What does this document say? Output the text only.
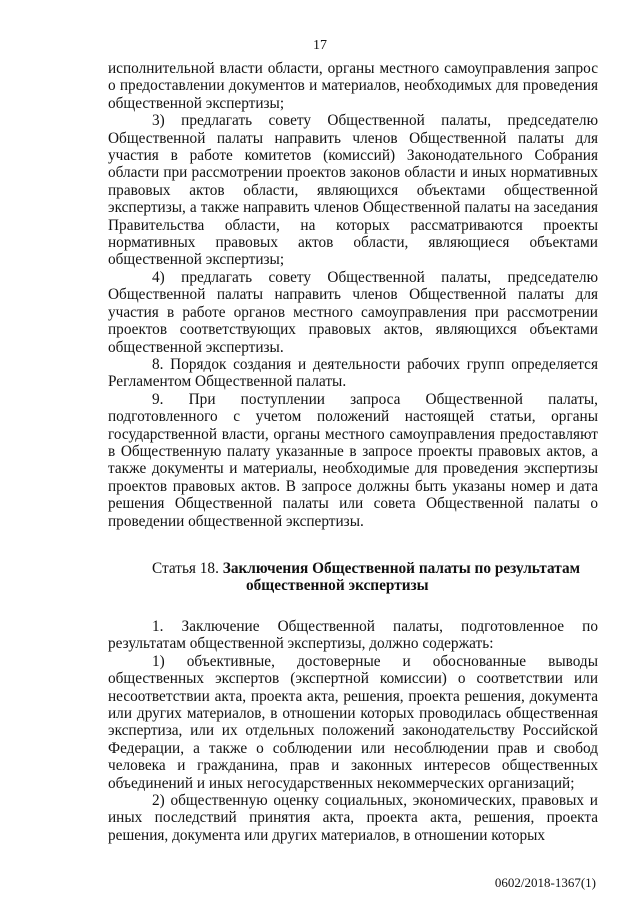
17

исполнительной власти области, органы местного самоуправления запрос о предоставлении документов и материалов, необходимых для проведения общественной экспертизы;

3) предлагать совету Общественной палаты, председателю Общественной палаты направить членов Общественной палаты для участия в работе комитетов (комиссий) Законодательного Собрания области при рассмотрении проектов законов области и иных нормативных правовых актов области, являющихся объектами общественной экспертизы, а также направить членов Общественной палаты на заседания Правительства области, на которых рассматриваются проекты нормативных правовых актов области, являющиеся объектами общественной экспертизы;

4) предлагать совету Общественной палаты, председателю Общественной палаты направить членов Общественной палаты для участия в работе органов местного самоуправления при рассмотрении проектов соответствующих правовых актов, являющихся объектами общественной экспертизы.

8. Порядок создания и деятельности рабочих групп определяется Регламентом Общественной палаты.

9. При поступлении запроса Общественной палаты, подготовленного с учетом положений настоящей статьи, органы государственной власти, органы местного самоуправления предоставляют в Общественную палату указанные в запросе проекты правовых актов, а также документы и материалы, необходимые для проведения экспертизы проектов правовых актов. В запросе должны быть указаны номер и дата решения Общественной палаты или совета Общественной палаты о проведении общественной экспертизы.

Статья 18. Заключения Общественной палаты по результатам
общественной экспертизы

1. Заключение Общественной палаты, подготовленное по результатам общественной экспертизы, должно содержать:

1) объективные, достоверные и обоснованные выводы общественных экспертов (экспертной комиссии) о соответствии или несоответствии акта, проекта акта, решения, проекта решения, документа или других материалов, в отношении которых проводилась общественная экспертиза, или их отдельных положений законодательству Российской Федерации, а также о соблюдении или несоблюдении прав и свобод человека и гражданина, прав и законных интересов общественных объединений и иных негосударственных некоммерческих организаций;

2) общественную оценку социальных, экономических, правовых и иных последствий принятия акта, проекта акта, решения, проекта решения, документа или других материалов, в отношении которых

0602/2018-1367(1)
